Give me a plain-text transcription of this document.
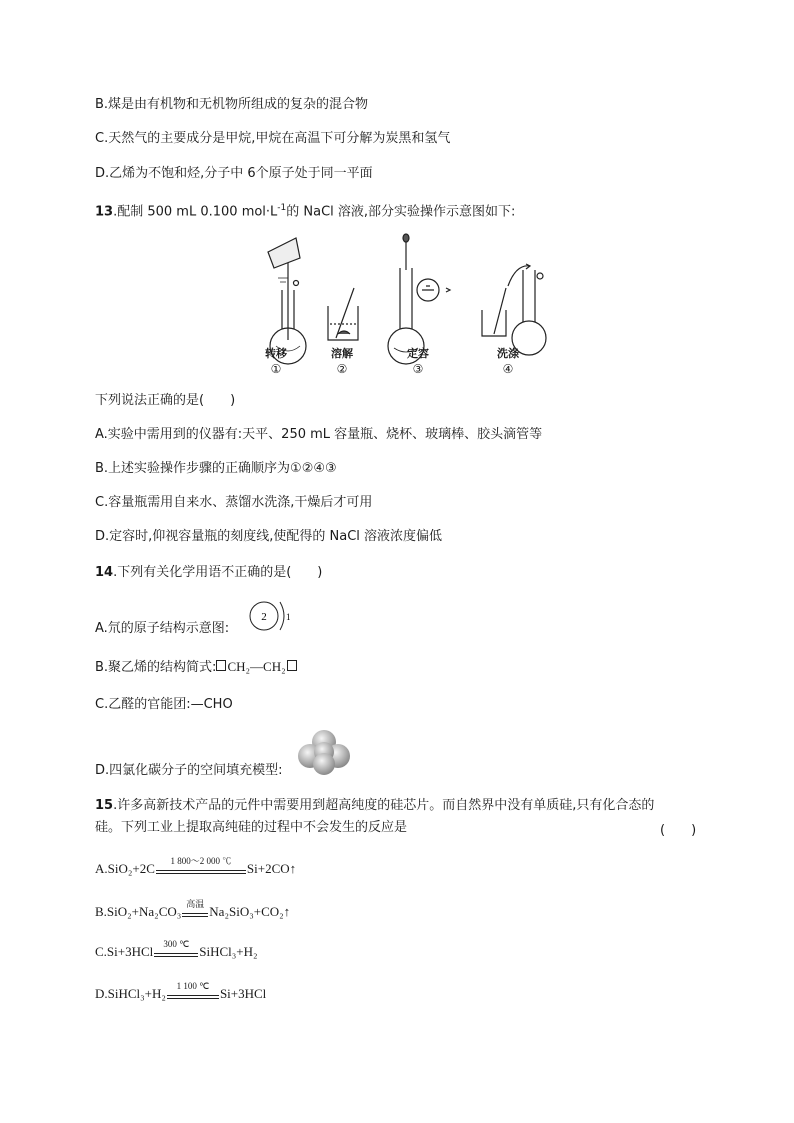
B.煤是由有机物和无机物所组成的复杂的混合物
C.天然气的主要成分是甲烷,甲烷在高温下可分解为炭黑和氢气
D.乙烯为不饱和烃,分子中 6个原子处于同一平面
13.配制 500 mL 0.100 $mol\cdot L^{-1}$的 NaCl 溶液,部分实验操作示意图如下:
转移	溶解	定容	洗涤
①	②	③	④
下列说法正确的是(　　)
A.实验中需用到的仪器有:天平、250 mL 容量瓶、烧杯、玻璃棒、胶头滴管等
B.上述实验操作步骤的正确顺序为①②④③
C.容量瓶需用自来水、蒸馏水洗涤,干燥后才可用
D.定容时,仰视容量瓶的刻度线,使配得的 NaCl 溶液浓度偏低
14.下列有关化学用语不正确的是(　　)
A.氘的原子结构示意图:
2 1
B.聚乙烯的结构简式: CH₂—CH₂
C.乙醛的官能团:—CHO
D.四氯化碳分子的空间填充模型:
15.许多高新技术产品的元件中需要用到超高纯度的硅芯片。而自然界中没有单质硅,只有化合态的
硅。下列工业上提取高纯硅的过程中不会发生的反应是	(　　)
A.SiO₂+2C	1 800～2 000 ℃	Si+2CO↑
B.SiO₂+Na₂CO₃ 高温 Na₂SiO₃+CO₂↑
C.Si+3HCl	300 ℃ SiHCl₃+H₂
D.SiHCl₃+H₂	1 100 ℃ Si+3HCl
